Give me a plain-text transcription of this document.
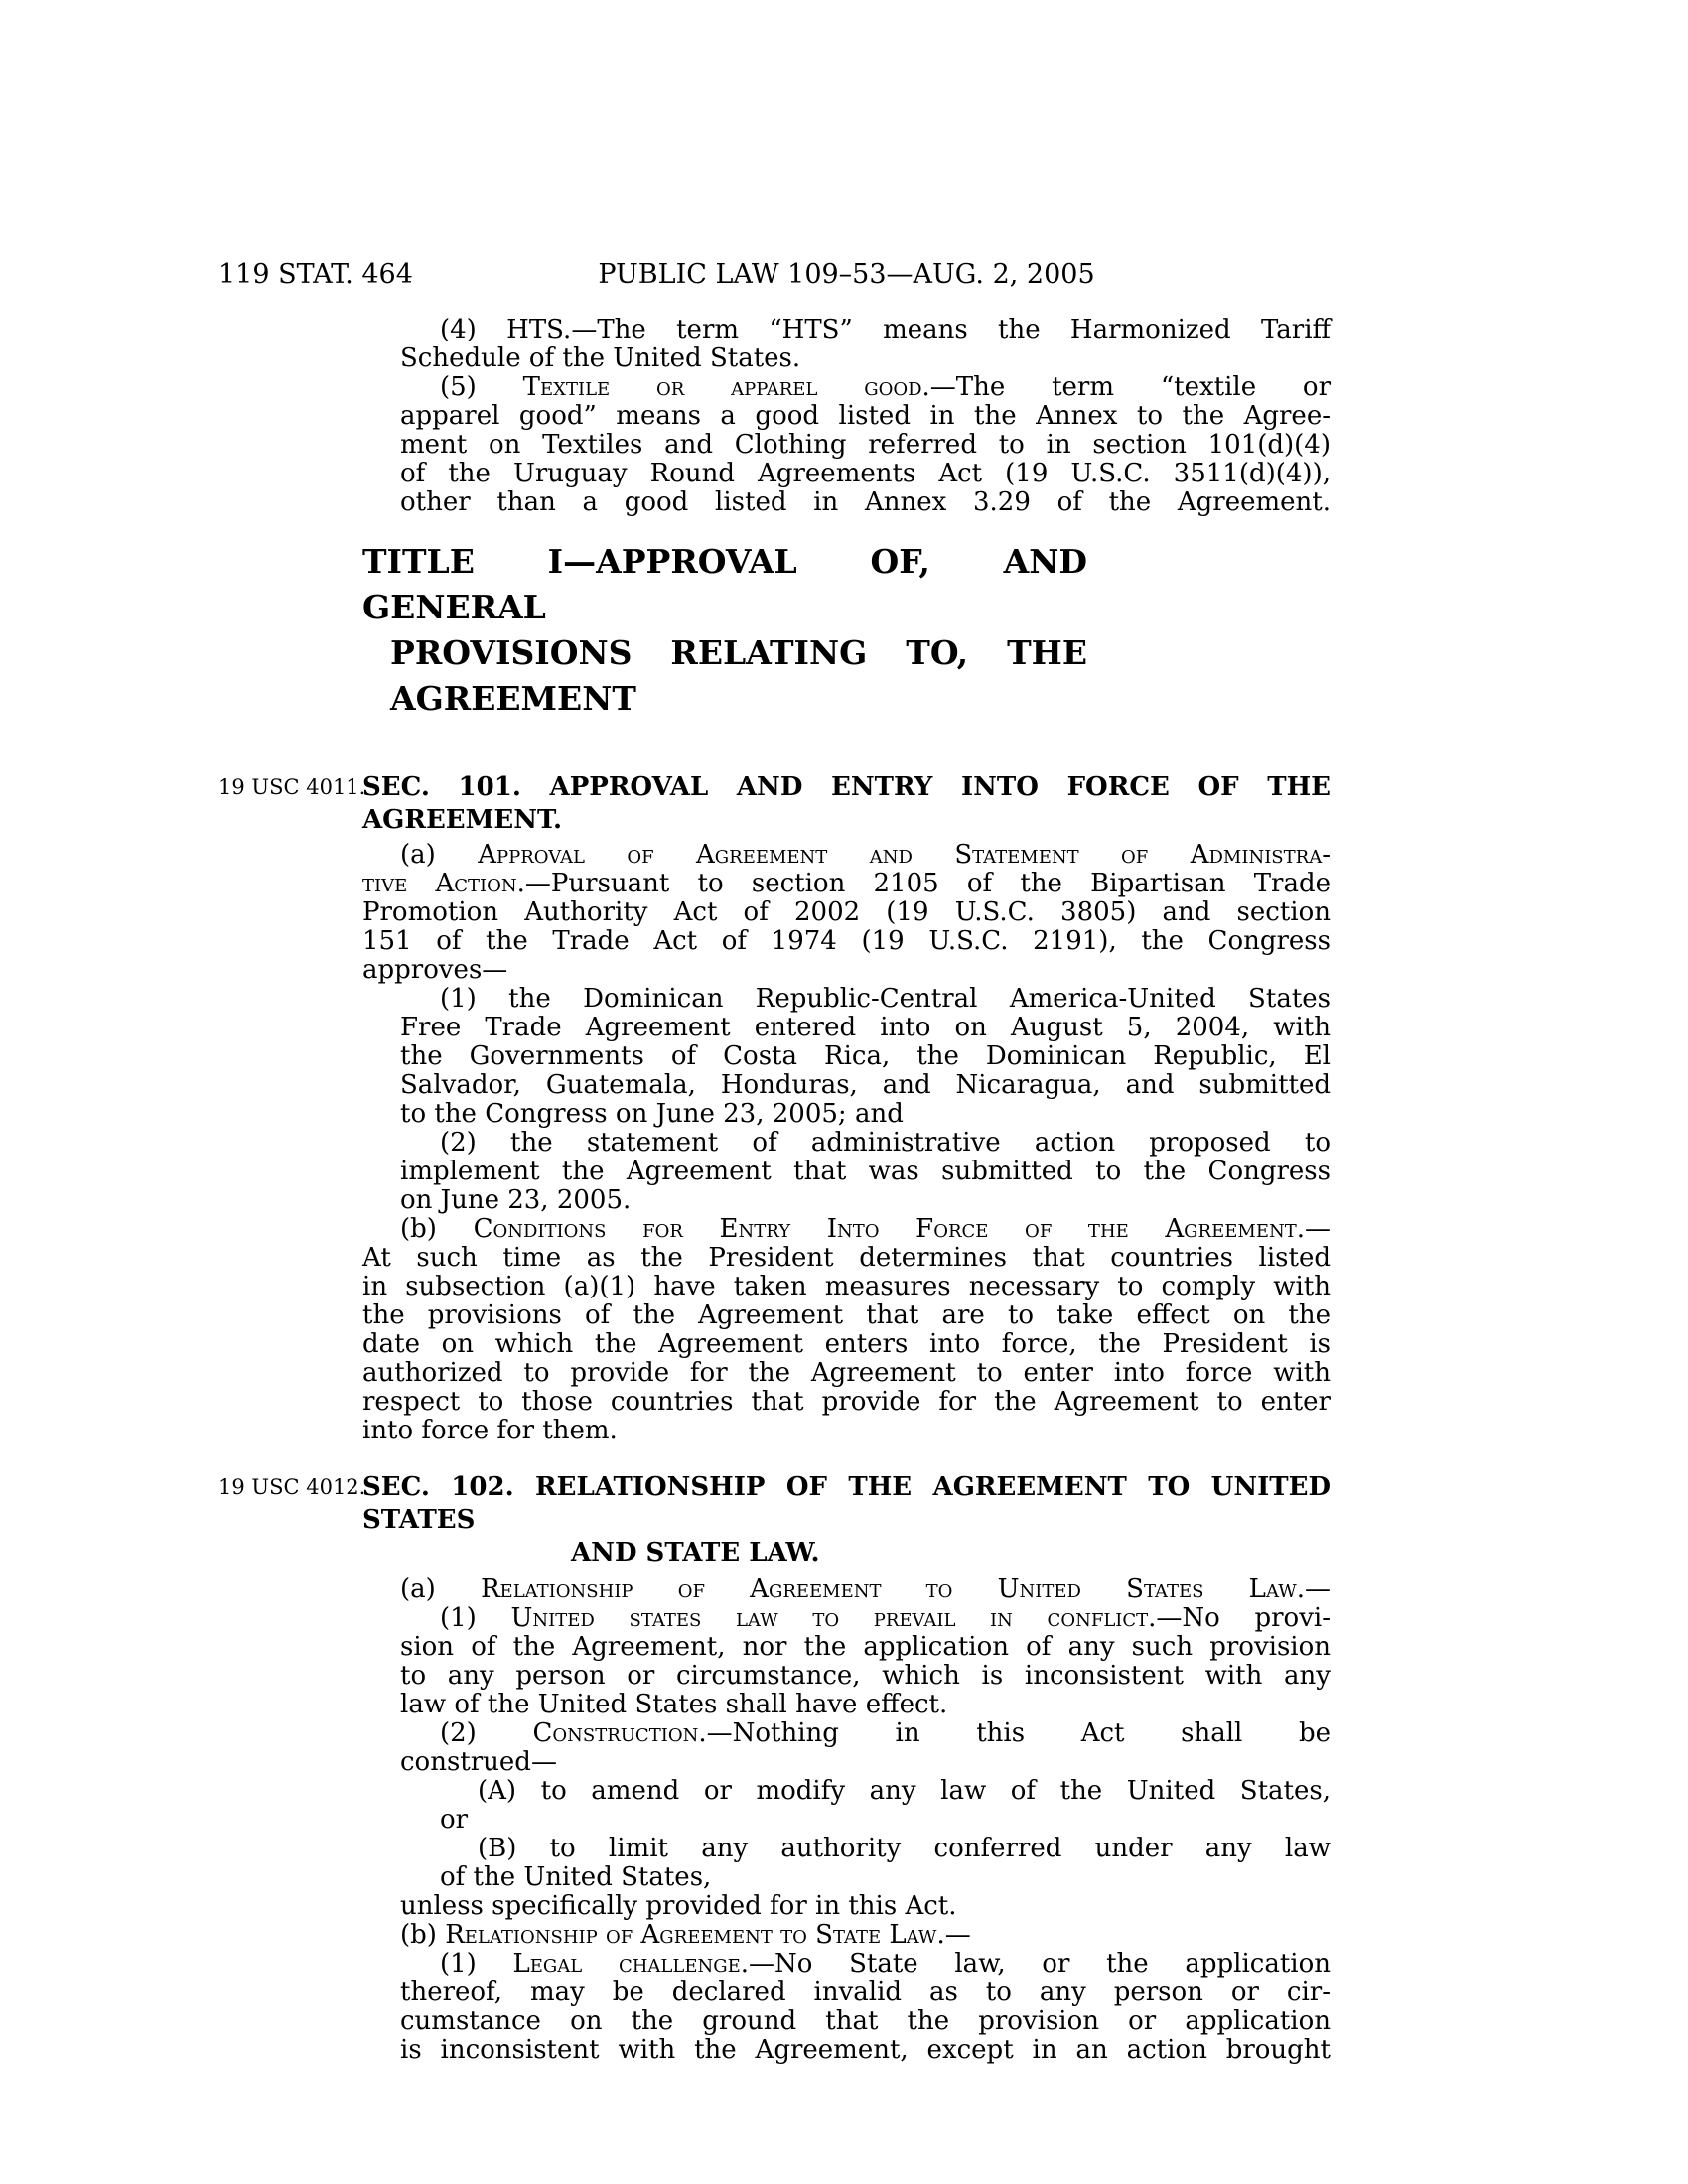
119 STAT. 464	PUBLIC LAW 109–53—AUG. 2, 2005
(4) HTS.—The term “HTS” means the Harmonized Tariff
Schedule of the United States.
(5) Textile or apparel good.—The term “textile or
apparel good” means a good listed in the Annex to the Agree-
ment on Textiles and Clothing referred to in section 101(d)(4)
of the Uruguay Round Agreements Act (19 U.S.C. 3511(d)(4)),
other than a good listed in Annex 3.29 of the Agreement.
TITLE I—APPROVAL OF, AND GENERAL
PROVISIONS RELATING TO, THE
AGREEMENT
19 USC 4011.
SEC. 101. APPROVAL AND ENTRY INTO FORCE OF THE AGREEMENT.
(a) Approval of Agreement and Statement of Administra-
tive Action.—Pursuant to section 2105 of the Bipartisan Trade
Promotion Authority Act of 2002 (19 U.S.C. 3805) and section
151 of the Trade Act of 1974 (19 U.S.C. 2191), the Congress
approves—
(1) the Dominican Republic-Central America-United States
Free Trade Agreement entered into on August 5, 2004, with
the Governments of Costa Rica, the Dominican Republic, El
Salvador, Guatemala, Honduras, and Nicaragua, and submitted
to the Congress on June 23, 2005; and
(2) the statement of administrative action proposed to
implement the Agreement that was submitted to the Congress
on June 23, 2005.
(b) Conditions for Entry Into Force of the Agreement.—
At such time as the President determines that countries listed
in subsection (a)(1) have taken measures necessary to comply with
the provisions of the Agreement that are to take effect on the
date on which the Agreement enters into force, the President is
authorized to provide for the Agreement to enter into force with
respect to those countries that provide for the Agreement to enter
into force for them.
19 USC 4012.
SEC. 102. RELATIONSHIP OF THE AGREEMENT TO UNITED STATES
AND STATE LAW.
(a) Relationship of Agreement to United States Law.—
(1) United states law to prevail in conflict.—No provi-
sion of the Agreement, nor the application of any such provision
to any person or circumstance, which is inconsistent with any
law of the United States shall have effect.
(2) Construction.—Nothing in this Act shall be
construed—
(A) to amend or modify any law of the United States,
or
(B) to limit any authority conferred under any law
of the United States,
unless specifically provided for in this Act.
(b) Relationship of Agreement to State Law.—
(1) Legal challenge.—No State law, or the application
thereof, may be declared invalid as to any person or cir-
cumstance on the ground that the provision or application
is inconsistent with the Agreement, except in an action brought
